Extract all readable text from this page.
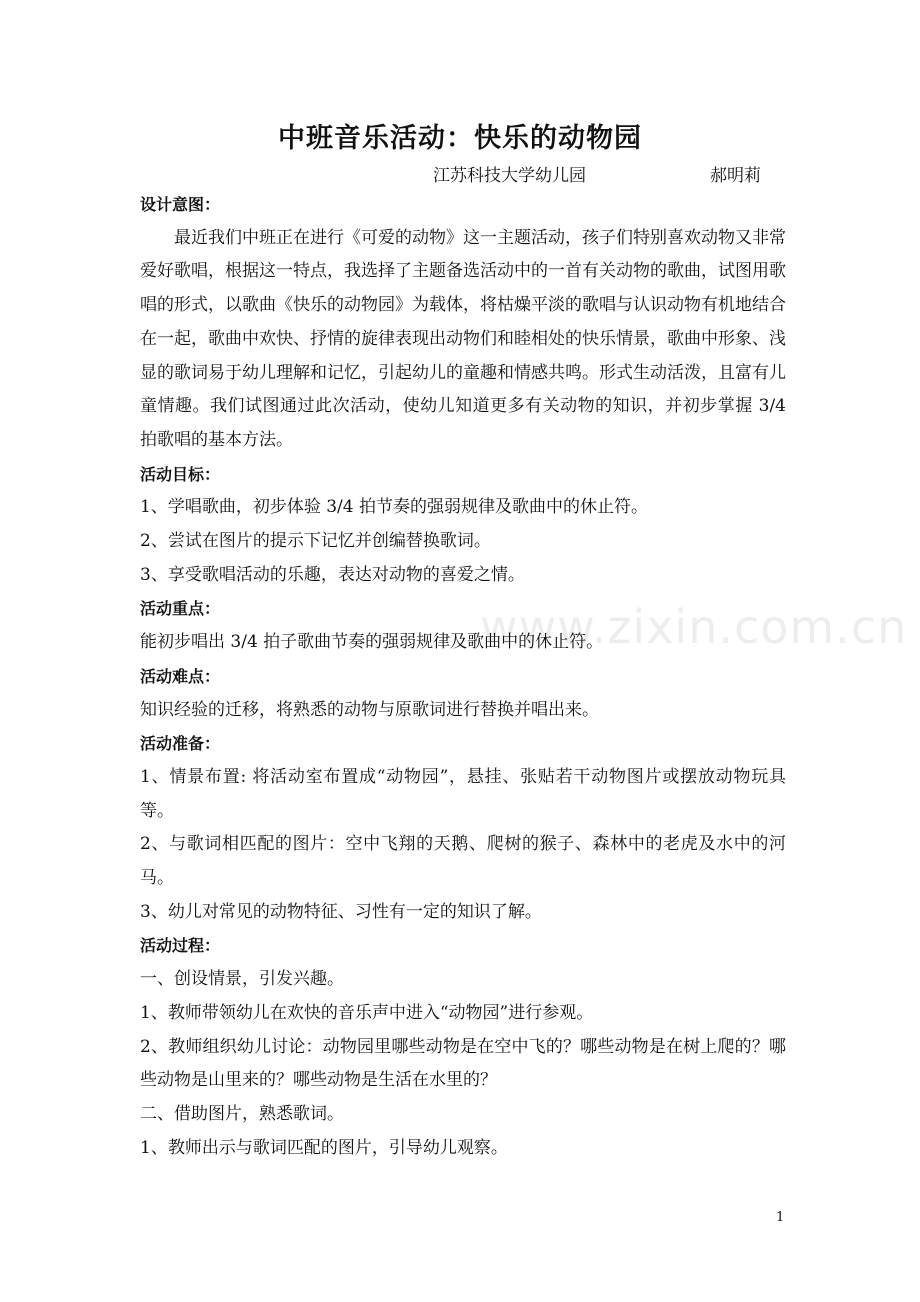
中班音乐活动：快乐的动物园
江苏科技大学幼儿园	郝明莉
www.zixin.com.cn

设计意图：

最近我们中班正在进行《可爱的动物》这一主题活动，孩子们特别喜欢动物又非常爱好歌唱，根据这一特点，我选择了主题备选活动中的一首有关动物的歌曲，试图用歌唱的形式，以歌曲《快乐的动物园》为载体，将枯燥平淡的歌唱与认识动物有机地结合在一起，歌曲中欢快、抒情的旋律表现出动物们和睦相处的快乐情景，歌曲中形象、浅显的歌词易于幼儿理解和记忆，引起幼儿的童趣和情感共鸣。形式生动活泼，且富有儿童情趣。我们试图通过此次活动，使幼儿知道更多有关动物的知识，并初步掌握 3/4 拍歌唱的基本方法。

活动目标：

1、学唱歌曲，初步体验 3/4 拍节奏的强弱规律及歌曲中的休止符。

2、尝试在图片的提示下记忆并创编替换歌词。

3、享受歌唱活动的乐趣，表达对动物的喜爱之情。

活动重点：

能初步唱出 3/4 拍子歌曲节奏的强弱规律及歌曲中的休止符。

活动难点：

知识经验的迁移，将熟悉的动物与原歌词进行替换并唱出来。

活动准备：

1、情景布置: 将活动室布置成“动物园”，悬挂、张贴若干动物图片或摆放动物玩具等。

2、与歌词相匹配的图片：空中飞翔的天鹅、爬树的猴子、森林中的老虎及水中的河马。

3、幼儿对常见的动物特征、习性有一定的知识了解。

活动过程：

一、创设情景，引发兴趣。

1、教师带领幼儿在欢快的音乐声中进入“动物园”进行参观。

2、教师组织幼儿讨论：动物园里哪些动物是在空中飞的？哪些动物是在树上爬的？哪些动物是山里来的？哪些动物是生活在水里的？

二、借助图片，熟悉歌词。

1、教师出示与歌词匹配的图片，引导幼儿观察。

1
